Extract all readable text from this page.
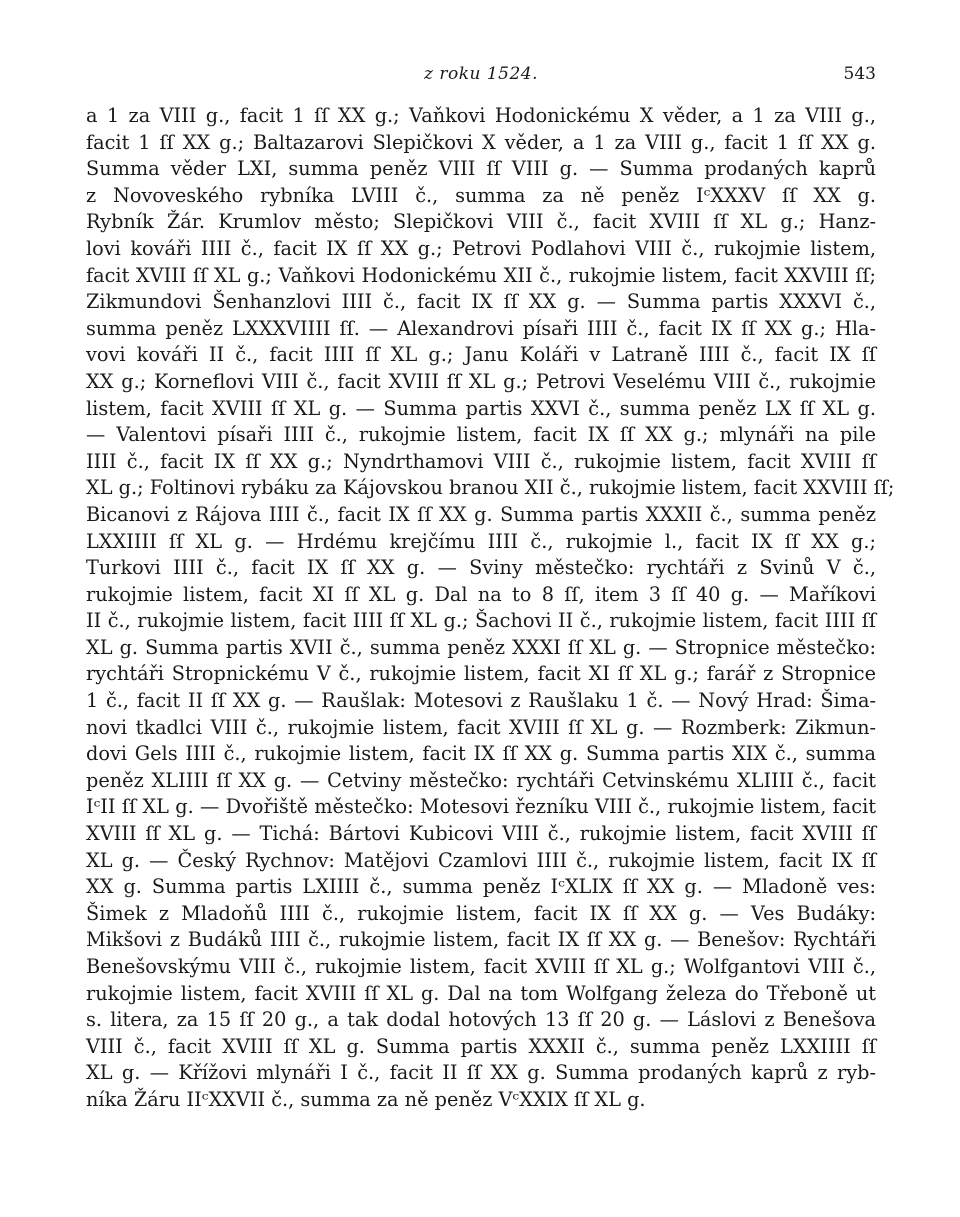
z roku 1524.	543
a 1 za VIII g., facit 1 ſſ XX g.; Vaňkovi Hodonickému X věder, a 1 za VIII g.,
facit 1 ſſ XX g.; Baltazarovi Slepičkovi X věder, a 1 za VIII g., facit 1 ſſ XX g.
Summa věder LXI, summa peněz VIII ſſ VIII g. — Summa prodaných kaprů
z Novoveského rybníka LVIII č., summa za ně peněz IᶜXXXV ſſ XX g.
Rybník Žár. Krumlov město; Slepičkovi VIII č., facit XVIII ſſ XL g.; Hanz-
lovi kováři IIII č., facit IX ſſ XX g.; Petrovi Podlahovi VIII č., rukojmie listem,
facit XVIII ſſ XL g.; Vaňkovi Hodonickému XII č., rukojmie listem, facit XXVIII ſſ;
Zikmundovi Šenhanzlovi IIII č., facit IX ſſ XX g. — Summa partis XXXVI č.,
summa peněz LXXXVIIII ſſ. — Alexandrovi písaři IIII č., facit IX ſſ XX g.; Hla-
vovi kováři II č., facit IIII ſſ XL g.; Janu Koláři v Latraně IIII č., facit IX ſſ
XX g.; Korneflovi VIII č., facit XVIII ſſ XL g.; Petrovi Veselému VIII č., rukojmie
listem, facit XVIII ſſ XL g. — Summa partis XXVI č., summa peněz LX ſſ XL g.
— Valentovi písaři IIII č., rukojmie listem, facit IX ſſ XX g.; mlynáři na pile
IIII č., facit IX ſſ XX g.; Nyndrthamovi VIII č., rukojmie listem, facit XVIII ſſ
XL g.; Foltinovi rybáku za Kájovskou branou XII č., rukojmie listem, facit XXVIII ſſ;
Bicanovi z Rájova IIII č., facit IX ſſ XX g. Summa partis XXXII č., summa peněz
LXXIIII ſſ XL g. — Hrdému krejčímu IIII č., rukojmie l., facit IX ſſ XX g.;
Turkovi IIII č., facit IX ſſ XX g. — Sviny městečko: rychtáři z Svinů V č.,
rukojmie listem, facit XI ſſ XL g. Dal na to 8 ſſ, item 3 ſſ 40 g. — Maříkovi
II č., rukojmie listem, facit IIII ſſ XL g.; Šachovi II č., rukojmie listem, facit IIII ſſ
XL g. Summa partis XVII č., summa peněz XXXI ſſ XL g. — Stropnice městečko:
rychtáři Stropnickému V č., rukojmie listem, facit XI ſſ XL g.; farář z Stropnice
1 č., facit II ſſ XX g. — Raušlak: Motesovi z Raušlaku 1 č. — Nový Hrad: Šima-
novi tkadlci VIII č., rukojmie listem, facit XVIII ſſ XL g. — Rozmberk: Zikmun-
dovi Gels IIII č., rukojmie listem, facit IX ſſ XX g. Summa partis XIX č., summa
peněz XLIIII ſſ XX g. — Cetviny městečko: rychtáři Cetvinskému XLIIII č., facit
IᶜII ſſ XL g. — Dvořiště městečko: Motesovi řezníku VIII č., rukojmie listem, facit
XVIII ſſ XL g. — Tichá: Bártovi Kubicovi VIII č., rukojmie listem, facit XVIII ſſ
XL g. — Český Rychnov: Matějovi Czamlovi IIII č., rukojmie listem, facit IX ſſ
XX g. Summa partis LXIIII č., summa peněz IᶜXLIX ſſ XX g. — Mladoně ves:
Šimek z Mladoňů IIII č., rukojmie listem, facit IX ſſ XX g. — Ves Budáky:
Mikšovi z Budáků IIII č., rukojmie listem, facit IX ſſ XX g. — Benešov: Rychtáři
Benešovskýmu VIII č., rukojmie listem, facit XVIII ſſ XL g.; Wolfgantovi VIII č.,
rukojmie listem, facit XVIII ſſ XL g. Dal na tom Wolfgang železa do Třeboně ut
s. litera, za 15 ſſ 20 g., a tak dodal hotových 13 ſſ 20 g. — Láslovi z Benešova
VIII č., facit XVIII ſſ XL g. Summa partis XXXII č., summa peněz LXXIIII ſſ
XL g. — Křížovi mlynáři I č., facit II ſſ XX g. Summa prodaných kaprů z ryb-
níka Žáru IIᶜXXVII č., summa za ně peněz VᶜXXIX ſſ XL g.
